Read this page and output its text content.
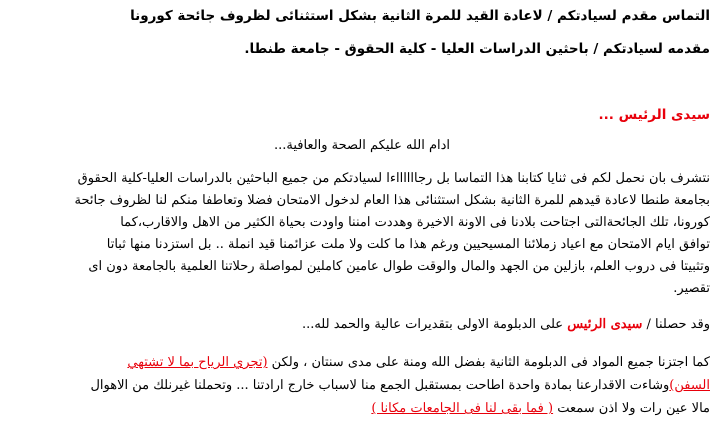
التماس مقدم لسيادتكم / لاعادة القيد للمرة الثانية بشكل استثنائى لظروف جائحة كورونا
مقدمه لسيادتكم / باحثين الدراسات العليا - كلية الحقوق - جامعة طنطا.
سيدى الرئيس ...
ادام الله عليكم الصحة والعافية...
نتشرف بان نحمل لكم فى ثنايا كتابنا هذا التماسا بل رجااااااءا لسيادتكم من جميع الباحثين بالدراسات العليا-كلية الحقوق
بجامعة طنطا لاعادة قيدهم للمرة الثانية بشكل استثنائى هذا العام لدخول الامتحان فضلا وتعاطفا منكم لنا لظروف جائحة
كورونا، تلك الجائحةالتى اجتاحت بلادنا فى الاونة الاخيرة وهددت امننا واودت بحياة الكثير من الاهل والاقارب،كما
توافق ايام الامتحان مع اعياد زملائنا المسيحيين ورغم هذا ما كلت ولا ملت عزائمنا قيد انملة .. بل استزدنا منها ثباتا
وتثبيتا فى دروب العلم، بازلين من الجهد والمال والوقت طوال عامين كاملين لمواصلة رحلاتنا العلمية بالجامعة دون اى
تقصير.
وقد حصلنا / سيدى الرئيس على الدبلومة الاولى بتقديرات عالية والحمد لله...
كما اجتزنا جميع المواد فى الدبلومة الثانية بفضل الله ومنة على مدى سنتان ، ولكن (تجري الرياح بما لا تشتهي
السفن)وشاءت الاقدارعنا بمادة واحدة اطاحت بمستقبل الجمع منا لاسباب خارج ارادتنا ... وتحملنا غيرنلك من الاهوال
مالا عين رات ولا اذن سمعت ( فما بقى لنا فى الجامعات مكانا )
